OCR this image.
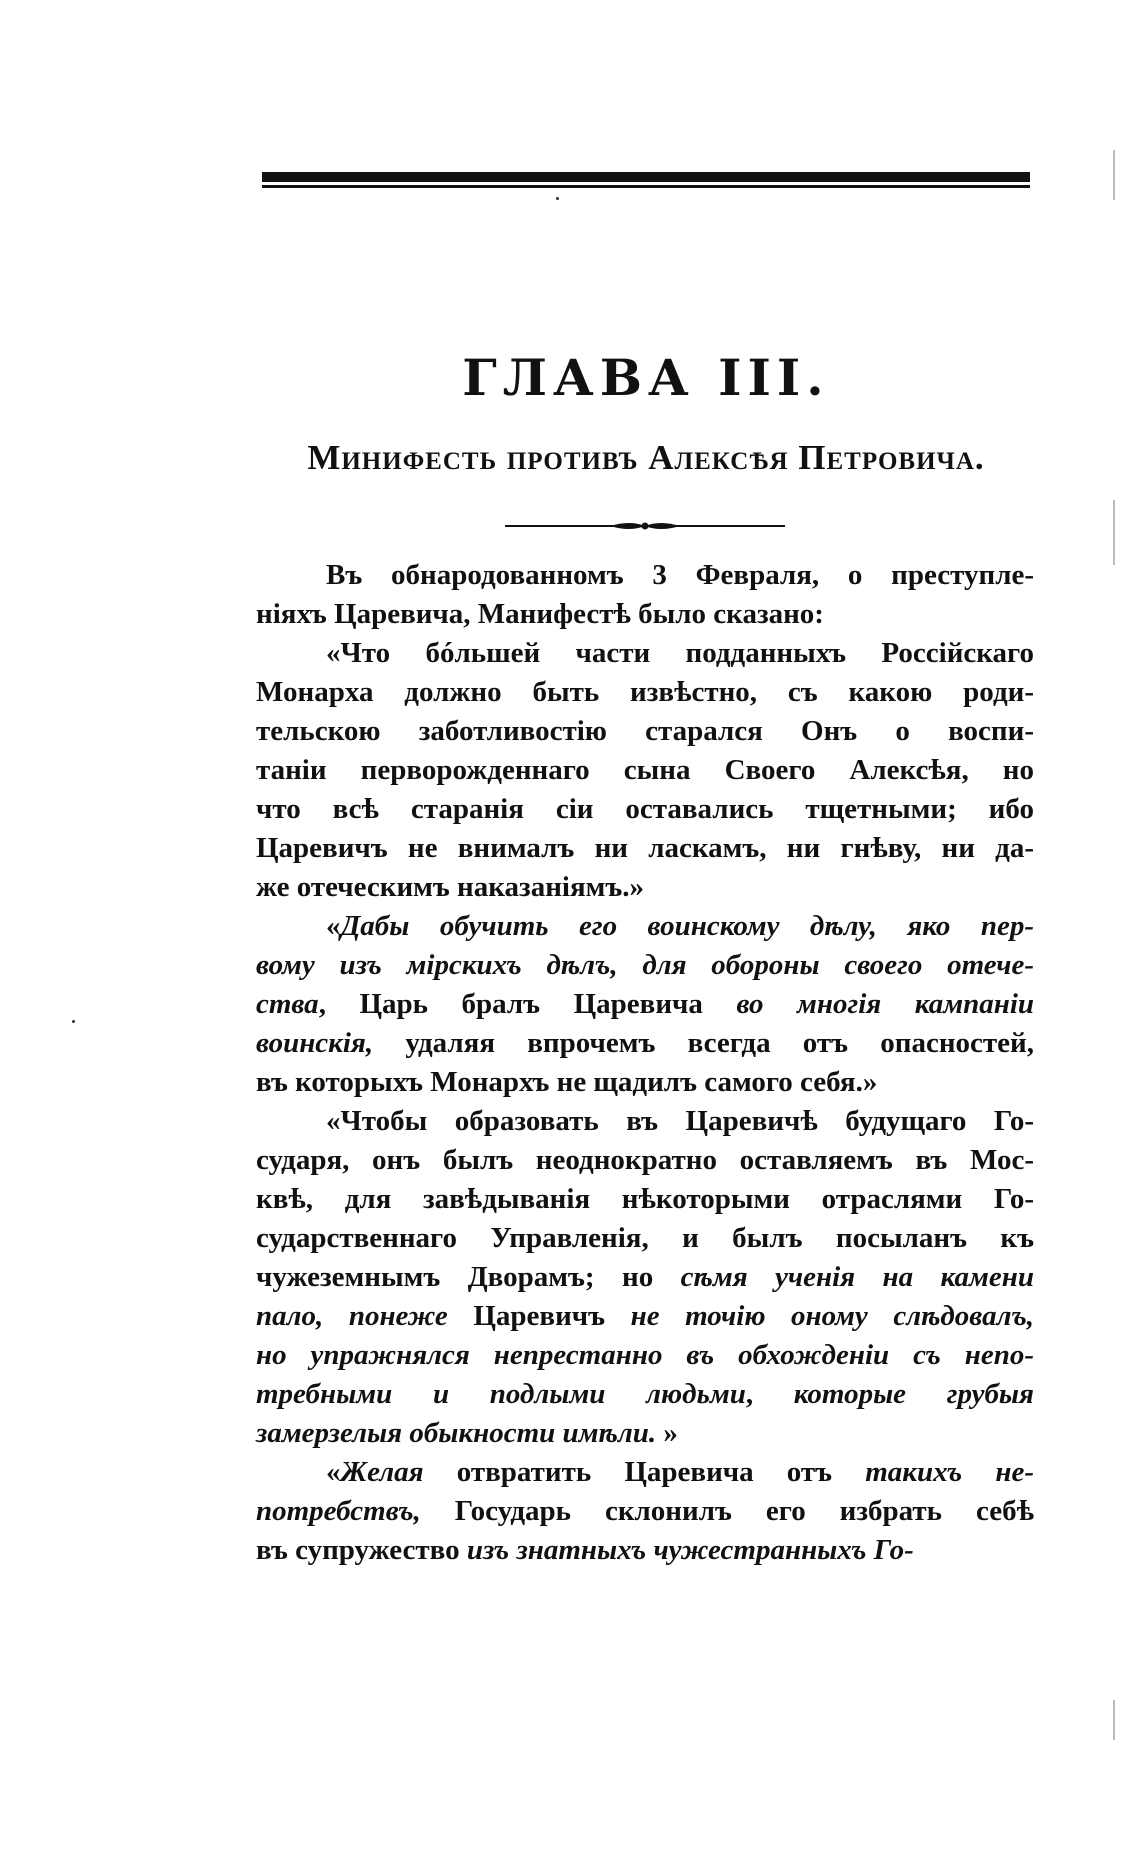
ГЛАВА III.
Минифесть противъ Алексѣя Петровича.
Въ обнародованномъ 3 Февраля, о преступле-
ніяхъ Царевича, Манифестѣ было сказано:
«Что бóльшей части подданныхъ Россійскаго
Монарха должно быть извѣстно, съ какою роди-
тельскою заботливостію старался Онъ о воспи-
таніи перворожденнаго сына Своего Алексѣя, но
что всѣ старанія сіи оставались тщетными; ибо
Царевичъ не внималъ ни ласкамъ, ни гнѣву, ни да-
же отеческимъ наказаніямъ.»
«Дабы обучить его воинскому дѣлу, яко пер-
вому изъ мірскихъ дѣлъ, для обороны своего отече-
ства, Царь бралъ Царевича во многія кампаніи
воинскія, удаляя впрочемъ всегда отъ опасностей,
въ которыхъ Монархъ не щадилъ самого себя.»
«Чтобы образовать въ Царевичѣ будущаго Го-
сударя, онъ былъ неоднократно оставляемъ въ Мос-
квѣ, для завѣдыванія нѣкоторыми отраслями Го-
сударственнаго Управленія, и былъ посыланъ къ
чужеземнымъ Дворамъ; но сѣмя ученія на камени
пало, понеже Царевичъ не точію оному слѣдовалъ,
но упражнялся непрестанно въ обхожденіи съ непо-
требными и подлыми людьми, которые грубыя
замерзелыя обыкности имѣли. »
«Желая отвратить Царевича отъ такихъ не-
потребствъ, Государь склонилъ его избрать себѣ
въ супружество изъ знатныхъ чужестранныхъ Го-
